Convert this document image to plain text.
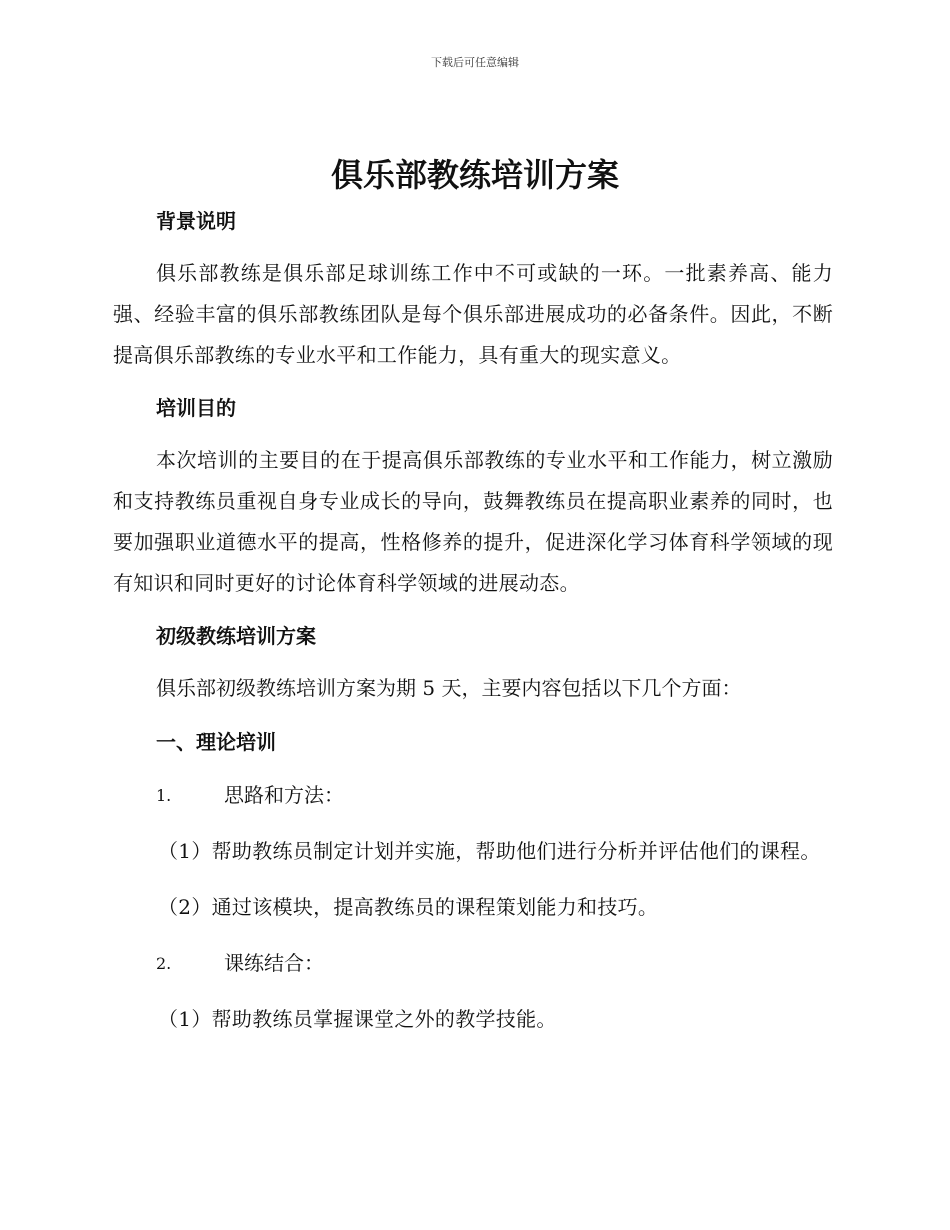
下载后可任意编辑
俱乐部教练培训方案
背景说明

俱乐部教练是俱乐部足球训练工作中不可或缺的一环。一批素养高、能力强、经验丰富的俱乐部教练团队是每个俱乐部进展成功的必备条件。因此，不断提高俱乐部教练的专业水平和工作能力，具有重大的现实意义。

培训目的

本次培训的主要目的在于提高俱乐部教练的专业水平和工作能力，树立激励和支持教练员重视自身专业成长的导向，鼓舞教练员在提高职业素养的同时，也要加强职业道德水平的提高，性格修养的提升，促进深化学习体育科学领域的现有知识和同时更好的讨论体育科学领域的进展动态。

初级教练培训方案

俱乐部初级教练培训方案为期 5 天，主要内容包括以下几个方面：

一、理论培训

1.	思路和方法：

（1）帮助教练员制定计划并实施，帮助他们进行分析并评估他们的课程。

（2）通过该模块，提高教练员的课程策划能力和技巧。

2.	课练结合：

（1）帮助教练员掌握课堂之外的教学技能。
